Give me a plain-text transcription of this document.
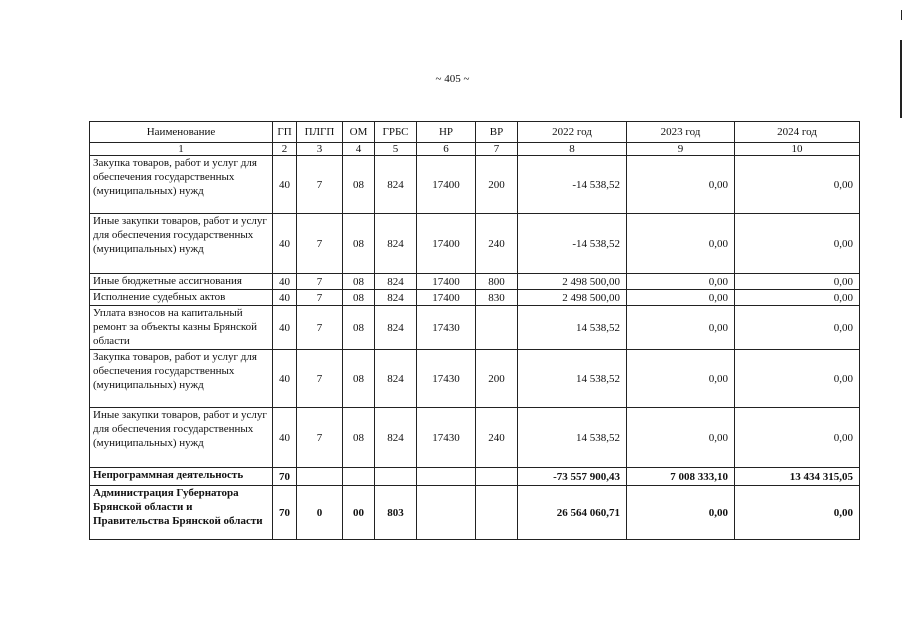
~ 405 ~
Наименование	ГП	ПЛГП	ОМ	ГРБС	НР	ВР	2022 год	2023 год	2024 год
1	2	3	4	5	6	7	8	9	10
Закупка товаров, работ и услуг для обеспечения государственных (муниципальных) нужд	40	7	08	824	17400	200	-14 538,52	0,00	0,00
Иные закупки товаров, работ и услуг для обеспечения государственных (муниципальных) нужд	40	7	08	824	17400	240	-14 538,52	0,00	0,00
Иные бюджетные ассигнования	40	7	08	824	17400	800	2 498 500,00	0,00	0,00
Исполнение судебных актов	40	7	08	824	17400	830	2 498 500,00	0,00	0,00
Уплата взносов на капитальный ремонт за объекты казны Брянской области	40	7	08	824	17430		14 538,52	0,00	0,00
Закупка товаров, работ и услуг для обеспечения государственных (муниципальных) нужд	40	7	08	824	17430	200	14 538,52	0,00	0,00
Иные закупки товаров, работ и услуг для обеспечения государственных (муниципальных) нужд	40	7	08	824	17430	240	14 538,52	0,00	0,00
Непрограммная деятельность	70						-73 557 900,43	7 008 333,10	13 434 315,05
Администрация Губернатора Брянской области и Правительства Брянской области	70	0	00	803			26 564 060,71	0,00	0,00
